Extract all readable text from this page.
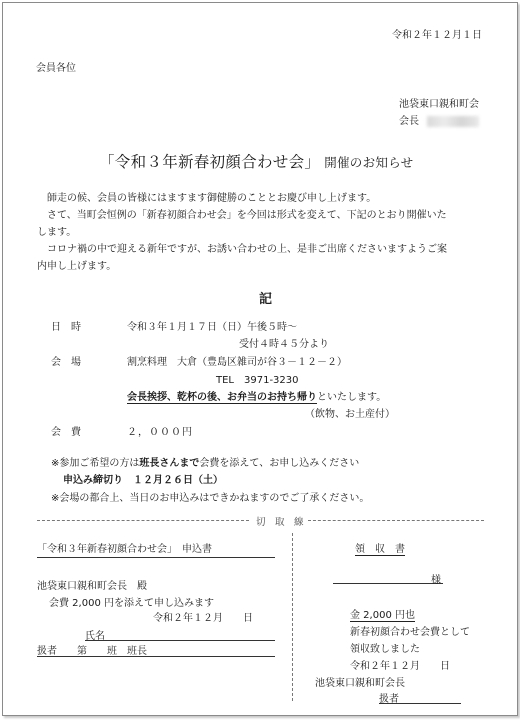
令和２年１２月１日
会員各位
池袋東口親和町会
会長
「令和３年新春初顔合わせ会」 開催のお知らせ
師走の候、会員の皆様にはますます御健勝のこととお慶び申し上げます。
さて、当町会恒例の「新春初顔合わせ会」を今回は形式を変えて、下記のとおり開催いた
します。
コロナ禍の中で迎える新年ですが、お誘い合わせの上、是非ご出席くださいますようご案
内申し上げます。
記
日　時	令和３年１月１７日（日）午後５時～
受付４時４５分より
会　場	割烹料理　大倉（豊島区雑司が谷３－１２－２）
TEL　3971-3230
会長挨拶、乾杯の後、お弁当のお持ち帰りといたします。
（飲物、お土産付）
会　費	２，０００円
※参加ご希望の方は班長さんまで会費を添えて、お申し込みください
申込み締切り　１２月２６日（土）
※会場の都合上、当日のお申込みはできかねますのでご了承ください。
切　取　線
「令和３年新春初顔合わせ会」　申込書
池袋東口親和町会長　殿
会費 2,000 円を添えて申し込みます
令和２年１２月　　日
氏名
扱者　　第　　班　班長
領　収　書
様
金 2,000 円也
新春初顔合わせ会費として
領収致しました
令和２年１２月　　日
池袋東口親和町会長
扱者
